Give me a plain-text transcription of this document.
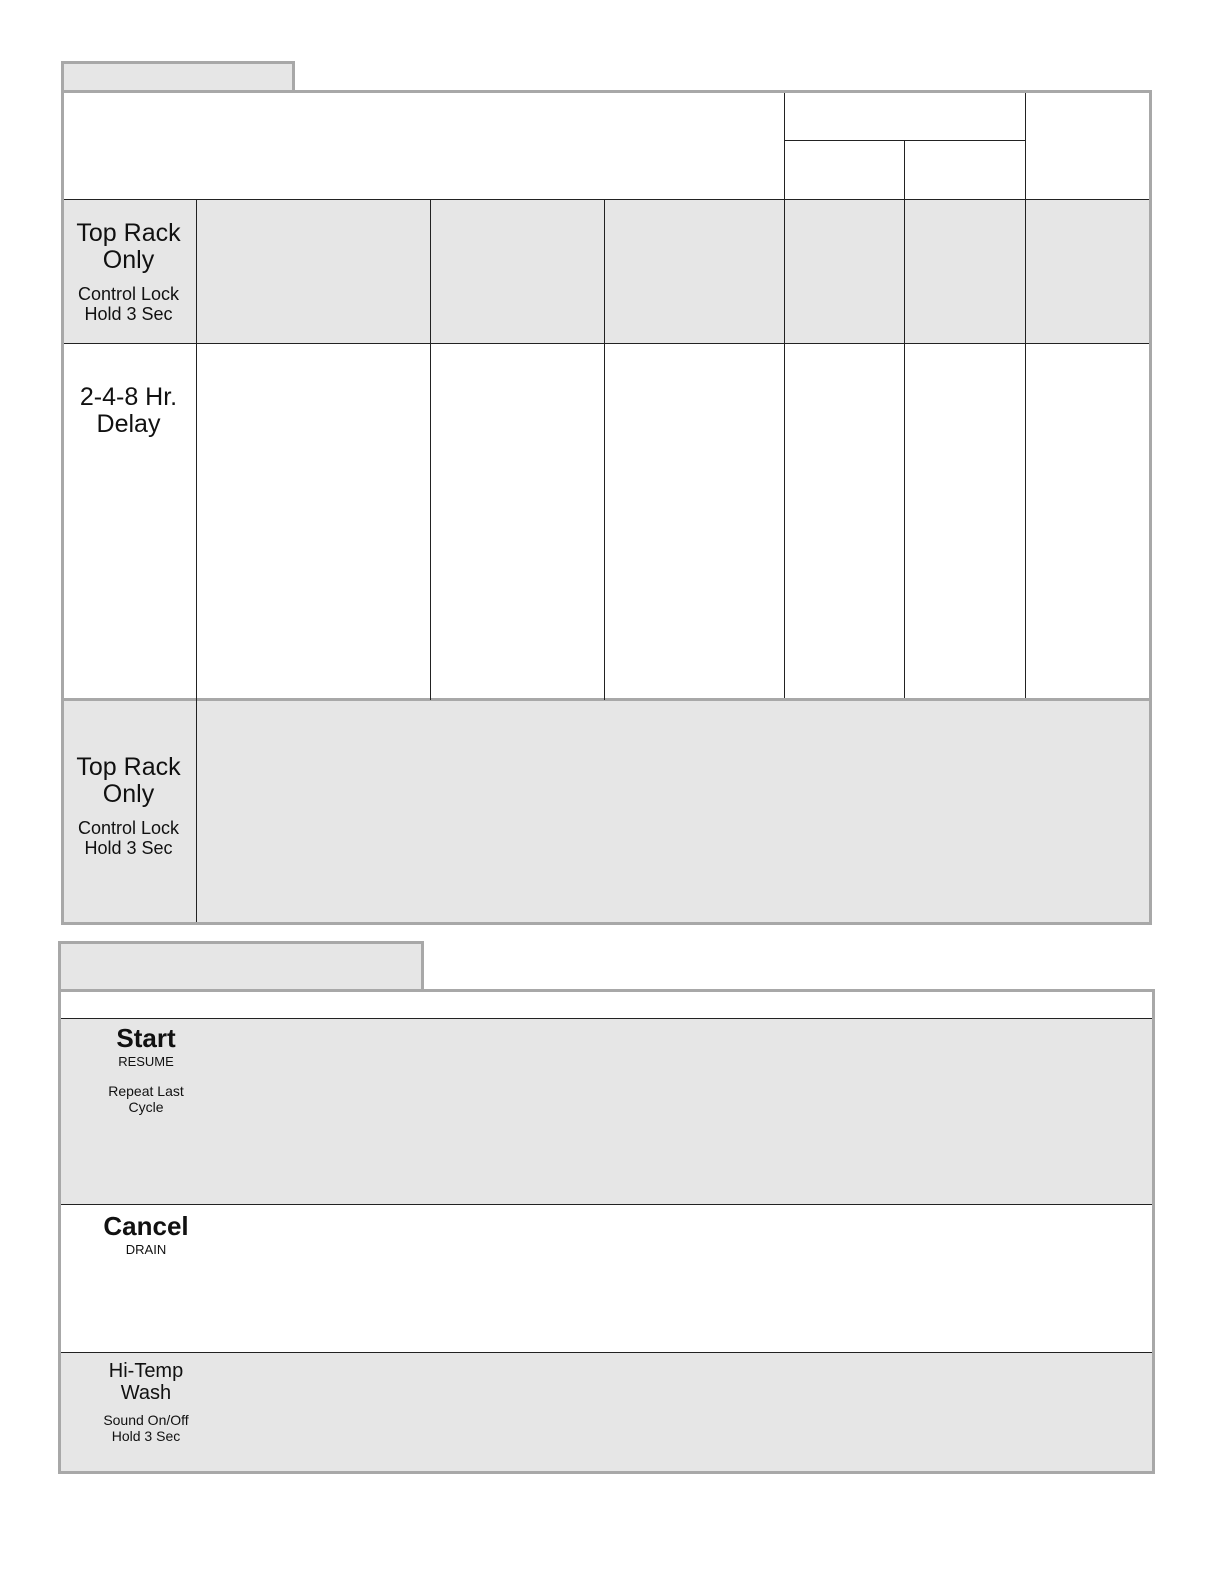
Top Rack Only
Control Lock Hold 3 Sec
2-4-8 Hr. Delay
Top Rack Only
Control Lock Hold 3 Sec
Start
RESUME
Repeat Last Cycle
Cancel
DRAIN
Hi-Temp Wash
Sound On/Off Hold 3 Sec
